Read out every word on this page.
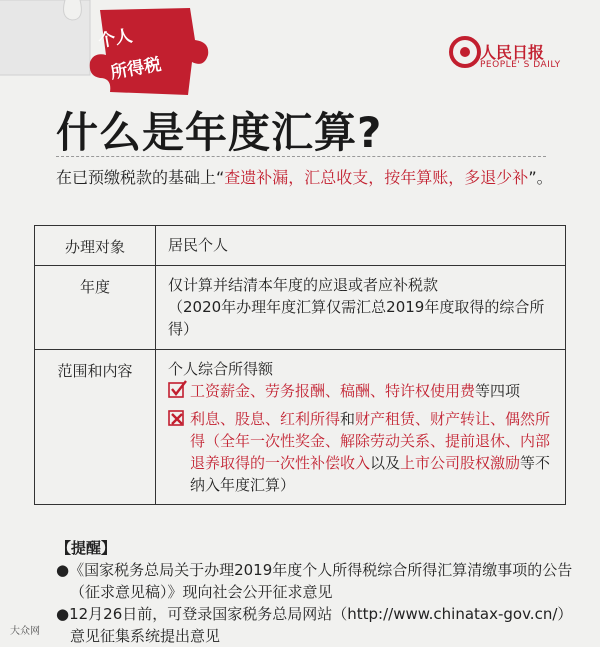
个人
所得税
人民日报
PEOPLE' S DAILY
什么是年度汇算?
在已预缴税款的基础上“查遗补漏，汇总收支，按年算账，多退少补”。
办理对象	居民个人
年度	仅计算并结清本年度的应退或者应补税款
（2020年办理年度汇算仅需汇总2019年度取得的综合所得）

范围和内容	个人综合所得额
工资薪金、劳务报酬、稿酬、特许权使用费等四项
利息、股息、红利所得和财产租赁、财产转让、偶然所得（全年一次性奖金、解除劳动关系、提前退休、内部退养取得的一次性补偿收入以及上市公司股权激励等不纳入年度汇算）
【提醒】
●《国家税务总局关于办理2019年度个人所得税综合所得汇算清缴事项的公告（征求意见稿）》现向社会公开征求意见
●12月26日前，可登录国家税务总局网站（http://www.chinatax-gov.cn/）意见征集系统提出意见
大众网
